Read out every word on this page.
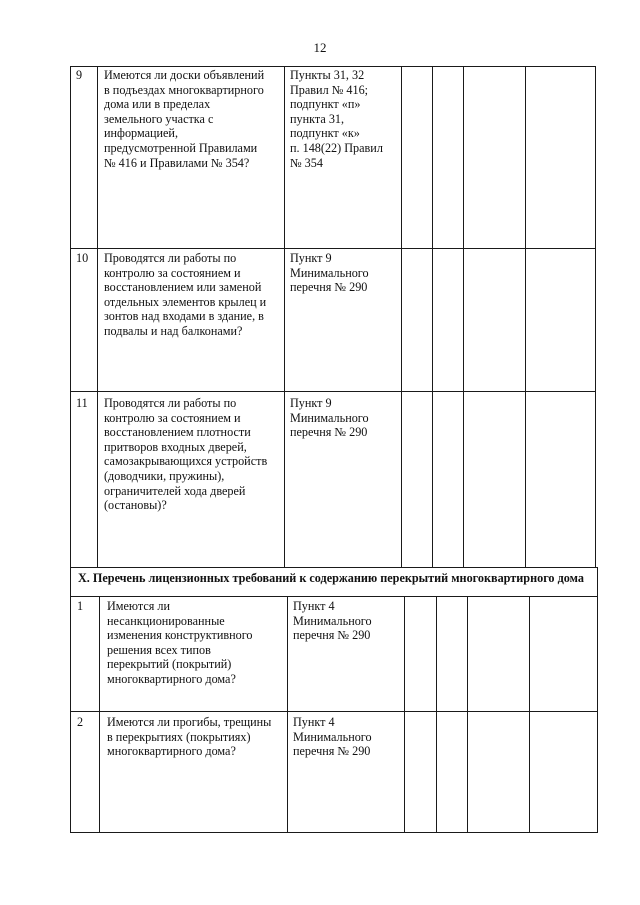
12
9 Имеются ли доски объявлений
в подъездах многоквартирного
дома или в пределах
земельного участка с
информацией,
предусмотренной Правилами
№ 416 и Правилами № 354?
Пункты 31, 32
Правил № 416;
подпункт «п»
пункта 31,
подпункт «к»
п. 148(22) Правил
№ 354
10 Проводятся ли работы по
контролю за состоянием и
восстановлением или заменой
отдельных элементов крылец и
зонтов над входами в здание, в
подвалы и над балконами?
Пункт 9
Минимального
перечня № 290
11 Проводятся ли работы по
контролю за состоянием и
восстановлением плотности
притворов входных дверей,
самозакрывающихся устройств
(доводчики, пружины),
ограничителей хода дверей
(остановы)?
Пункт 9
Минимального
перечня № 290
X. Перечень лицензионных требований к содержанию перекрытий многоквартирного дома
1 Имеются ли
несанкционированные
изменения конструктивного
решения всех типов
перекрытий (покрытий)
многоквартирного дома?
Пункт 4
Минимального
перечня № 290
2 Имеются ли прогибы, трещины
в перекрытиях (покрытиях)
многоквартирного дома?
Пункт 4
Минимального
перечня № 290
